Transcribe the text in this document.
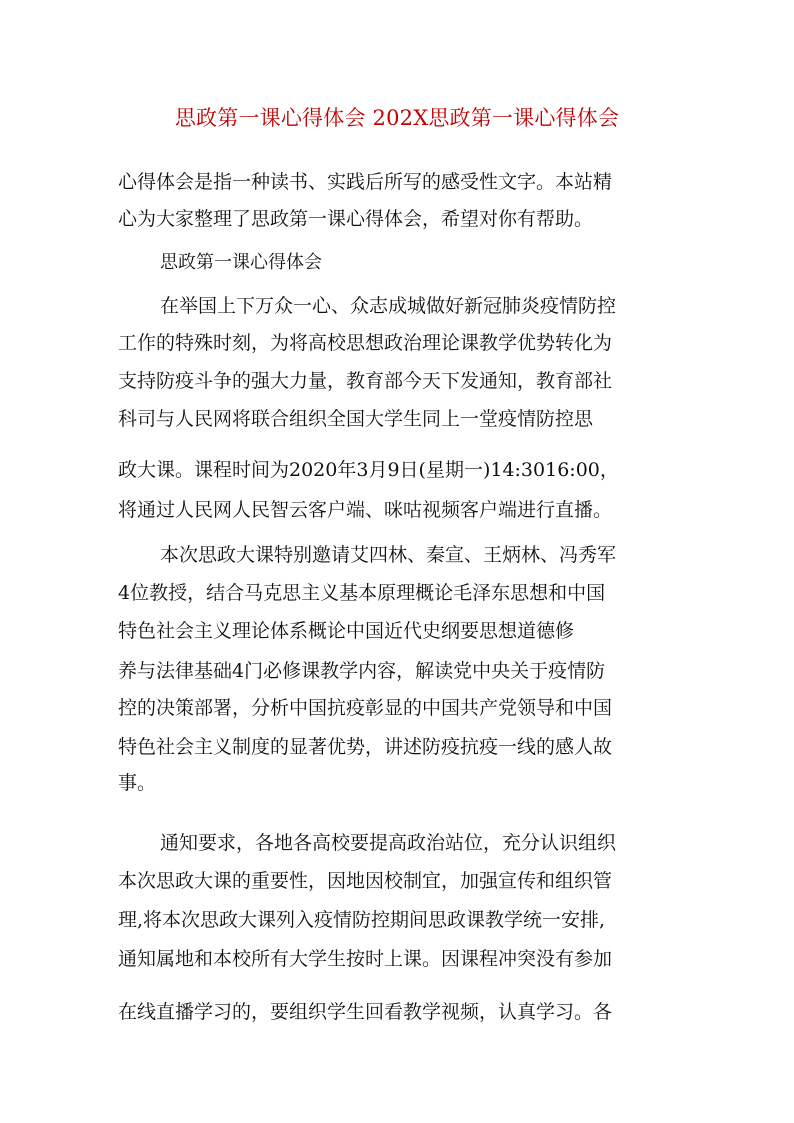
思政第一课心得体会 202X思政第一课心得体会
心得体会是指一种读书、实践后所写的感受性文字。本站精
心为大家整理了思政第一课心得体会，希望对你有帮助。
思政第一课心得体会
在举国上下万众一心、众志成城做好新冠肺炎疫情防控
工作的特殊时刻，为将高校思想政治理论课教学优势转化为
支持防疫斗争的强大力量，教育部今天下发通知，教育部社
科司与人民网将联合组织全国大学生同上一堂疫情防控思
政大课。课程时间为2020年3月9日(星期一)14:3016:00，
将通过人民网人民智云客户端、咪咕视频客户端进行直播。
本次思政大课特别邀请艾四林、秦宣、王炳林、冯秀军
4位教授，结合马克思主义基本原理概论毛泽东思想和中国
特色社会主义理论体系概论中国近代史纲要思想道德修
养与法律基础4门必修课教学内容，解读党中央关于疫情防
控的决策部署，分析中国抗疫彰显的中国共产党领导和中国
特色社会主义制度的显著优势，讲述防疫抗疫一线的感人故
事。
通知要求，各地各高校要提高政治站位，充分认识组织
本次思政大课的重要性，因地因校制宜，加强宣传和组织管
理,将本次思政大课列入疫情防控期间思政课教学统一安排,
通知属地和本校所有大学生按时上课。因课程冲突没有参加
在线直播学习的，要组织学生回看教学视频，认真学习。各
